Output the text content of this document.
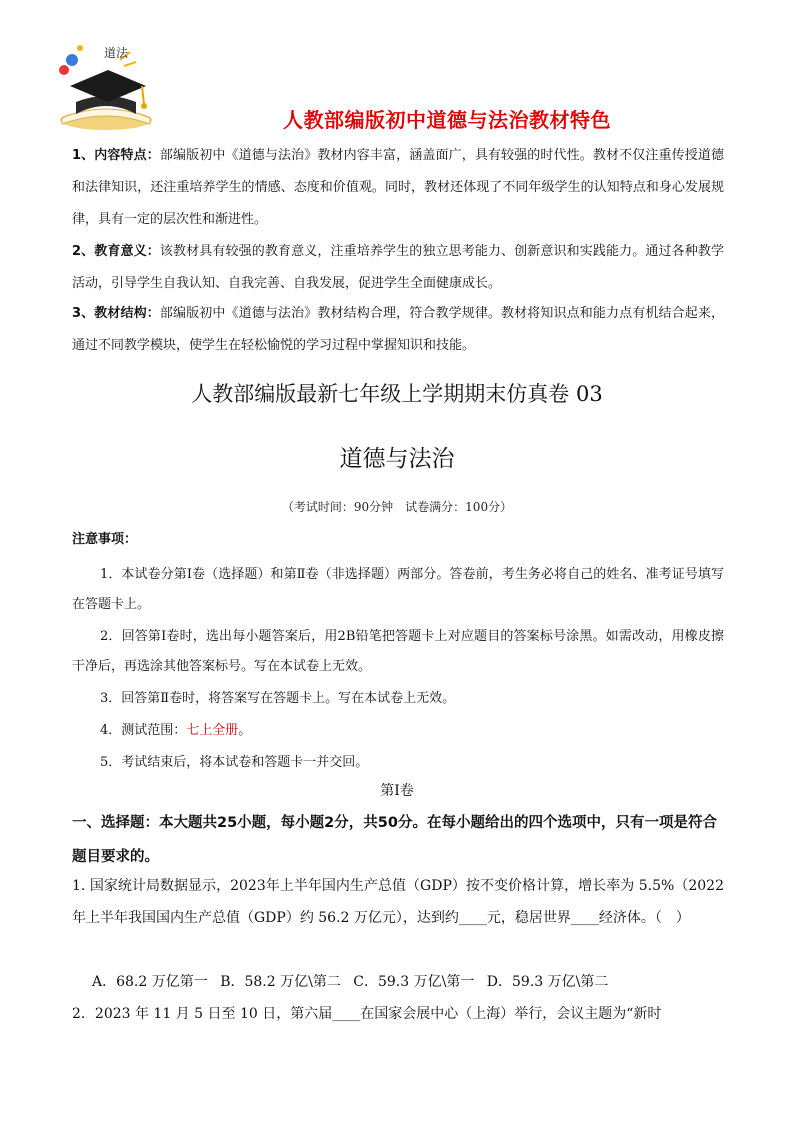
道法
人教部编版初中道德与法治教材特色
1、内容特点：部编版初中《道德与法治》教材内容丰富，涵盖面广，具有较强的时代性。教材不仅注重传授道德和法律知识，还注重培养学生的情感、态度和价值观。同时，教材还体现了不同年级学生的认知特点和身心发展规律，具有一定的层次性和渐进性。
2、教育意义：该教材具有较强的教育意义，注重培养学生的独立思考能力、创新意识和实践能力。通过各种教学活动，引导学生自我认知、自我完善、自我发展，促进学生全面健康成长。
3、教材结构：部编版初中《道德与法治》教材结构合理，符合教学规律。教材将知识点和能力点有机结合起来，通过不同教学模块，使学生在轻松愉悦的学习过程中掌握知识和技能。
人教部编版最新七年级上学期期末仿真卷 03
道德与法治
（考试时间：90分钟　试卷满分：100分）
注意事项：
1．本试卷分第Ⅰ卷（选择题）和第Ⅱ卷（非选择题）两部分。答卷前，考生务必将自己的姓名、准考证号填写在答题卡上。
2．回答第Ⅰ卷时，选出每小题答案后，用2B铅笔把答题卡上对应题目的答案标号涂黑。如需改动，用橡皮擦干净后，再选涂其他答案标号。写在本试卷上无效。
3．回答第Ⅱ卷时，将答案写在答题卡上。写在本试卷上无效。
4．测试范围：七上全册。
5．考试结束后，将本试卷和答题卡一并交回。
第Ⅰ卷
一、选择题：本大题共25小题，每小题2分，共50分。在每小题给出的四个选项中，只有一项是符合题目要求的。
1. 国家统计局数据显示，2023年上半年国内生产总值（GDP）按不变价格计算，增长率为 5.5%（2022年上半年我国国内生产总值（GDP）约 56.2 万亿元），达到约____元，稳居世界____经济体。（　）
A．68.2 万亿第一 B．58.2 万亿\第二 C．59.3 万亿\第一 D．59.3 万亿\第二
2．2023 年 11 月 5 日至 10 日，第六届____在国家会展中心（上海）举行，会议主题为“新时
